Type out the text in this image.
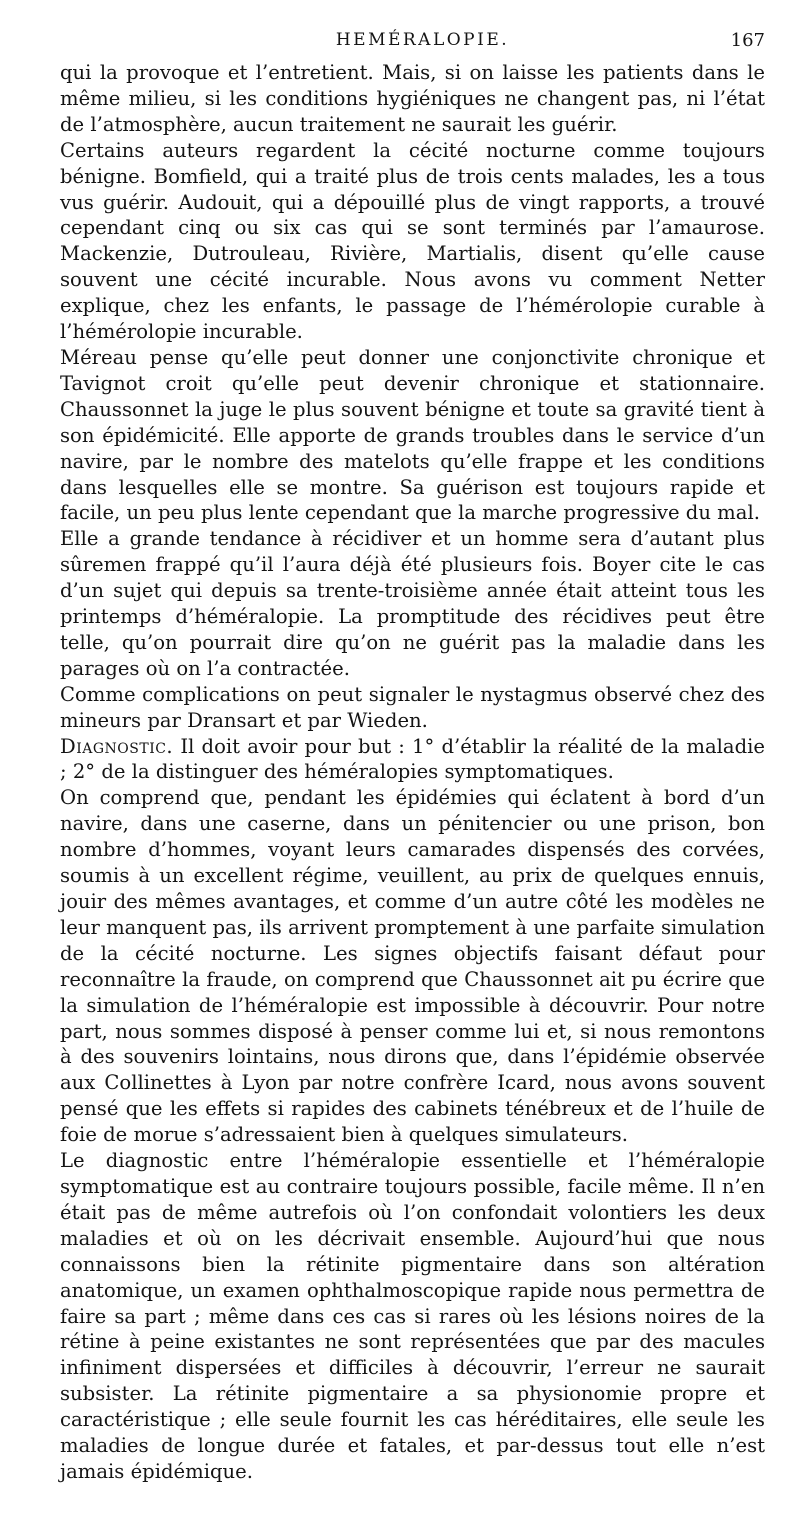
HEMÉRALOPIE.	167

qui la provoque et l’entretient. Mais, si on laisse les patients dans le même milieu, si les conditions hygiéniques ne changent pas, ni l’état de l’atmosphère, aucun traitement ne saurait les guérir.

Certains auteurs regardent la cécité nocturne comme toujours bénigne. Bomfield, qui a traité plus de trois cents malades, les a tous vus guérir. Audouit, qui a dépouillé plus de vingt rapports, a trouvé cependant cinq ou six cas qui se sont terminés par l’amaurose. Mackenzie, Dutrouleau, Rivière, Martialis, disent qu’elle cause souvent une cécité incurable. Nous avons vu comment Netter explique, chez les enfants, le passage de l’hémérolopie curable à l’hémérolopie incurable.

Méreau pense qu’elle peut donner une conjonctivite chronique et Tavignot croit qu’elle peut devenir chronique et stationnaire. Chaussonnet la juge le plus souvent bénigne et toute sa gravité tient à son épidémicité. Elle apporte de grands troubles dans le service d’un navire, par le nombre des matelots qu’elle frappe et les conditions dans lesquelles elle se montre. Sa guérison est toujours rapide et facile, un peu plus lente cependant que la marche progressive du mal.

Elle a grande tendance à récidiver et un homme sera d’autant plus sûremen frappé qu’il l’aura déjà été plusieurs fois. Boyer cite le cas d’un sujet qui depuis sa trente-troisième année était atteint tous les printemps d’héméralopie. La promptitude des récidives peut être telle, qu’on pourrait dire qu’on ne guérit pas la maladie dans les parages où on l’a contractée.

Comme complications on peut signaler le nystagmus observé chez des mineurs par Dransart et par Wieden.

Diagnostic. Il doit avoir pour but : 1° d’établir la réalité de la maladie ; 2° de la distinguer des héméralopies symptomatiques.

On comprend que, pendant les épidémies qui éclatent à bord d’un navire, dans une caserne, dans un pénitencier ou une prison, bon nombre d’hommes, voyant leurs camarades dispensés des corvées, soumis à un excellent régime, veuillent, au prix de quelques ennuis, jouir des mêmes avantages, et comme d’un autre côté les modèles ne leur manquent pas, ils arrivent promptement à une parfaite simulation de la cécité nocturne. Les signes objectifs faisant défaut pour reconnaître la fraude, on comprend que Chaussonnet ait pu écrire que la simulation de l’héméralopie est impossible à découvrir. Pour notre part, nous sommes disposé à penser comme lui et, si nous remontons à des souvenirs lointains, nous dirons que, dans l’épidémie observée aux Collinettes à Lyon par notre confrère Icard, nous avons souvent pensé que les effets si rapides des cabinets ténébreux et de l’huile de foie de morue s’adressaient bien à quelques simulateurs.

Le diagnostic entre l’héméralopie essentielle et l’héméralopie symptomatique est au contraire toujours possible, facile même. Il n’en était pas de même autrefois où l’on confondait volontiers les deux maladies et où on les décrivait ensemble. Aujourd’hui que nous connaissons bien la rétinite pigmentaire dans son altération anatomique, un examen ophthalmoscopique rapide nous permettra de faire sa part ; même dans ces cas si rares où les lésions noires de la rétine à peine existantes ne sont représentées que par des macules infiniment dispersées et difficiles à découvrir, l’erreur ne saurait subsister. La rétinite pigmentaire a sa physionomie propre et caractéristique ; elle seule fournit les cas héréditaires, elle seule les maladies de longue durée et fatales, et par-dessus tout elle n’est jamais épidémique.
